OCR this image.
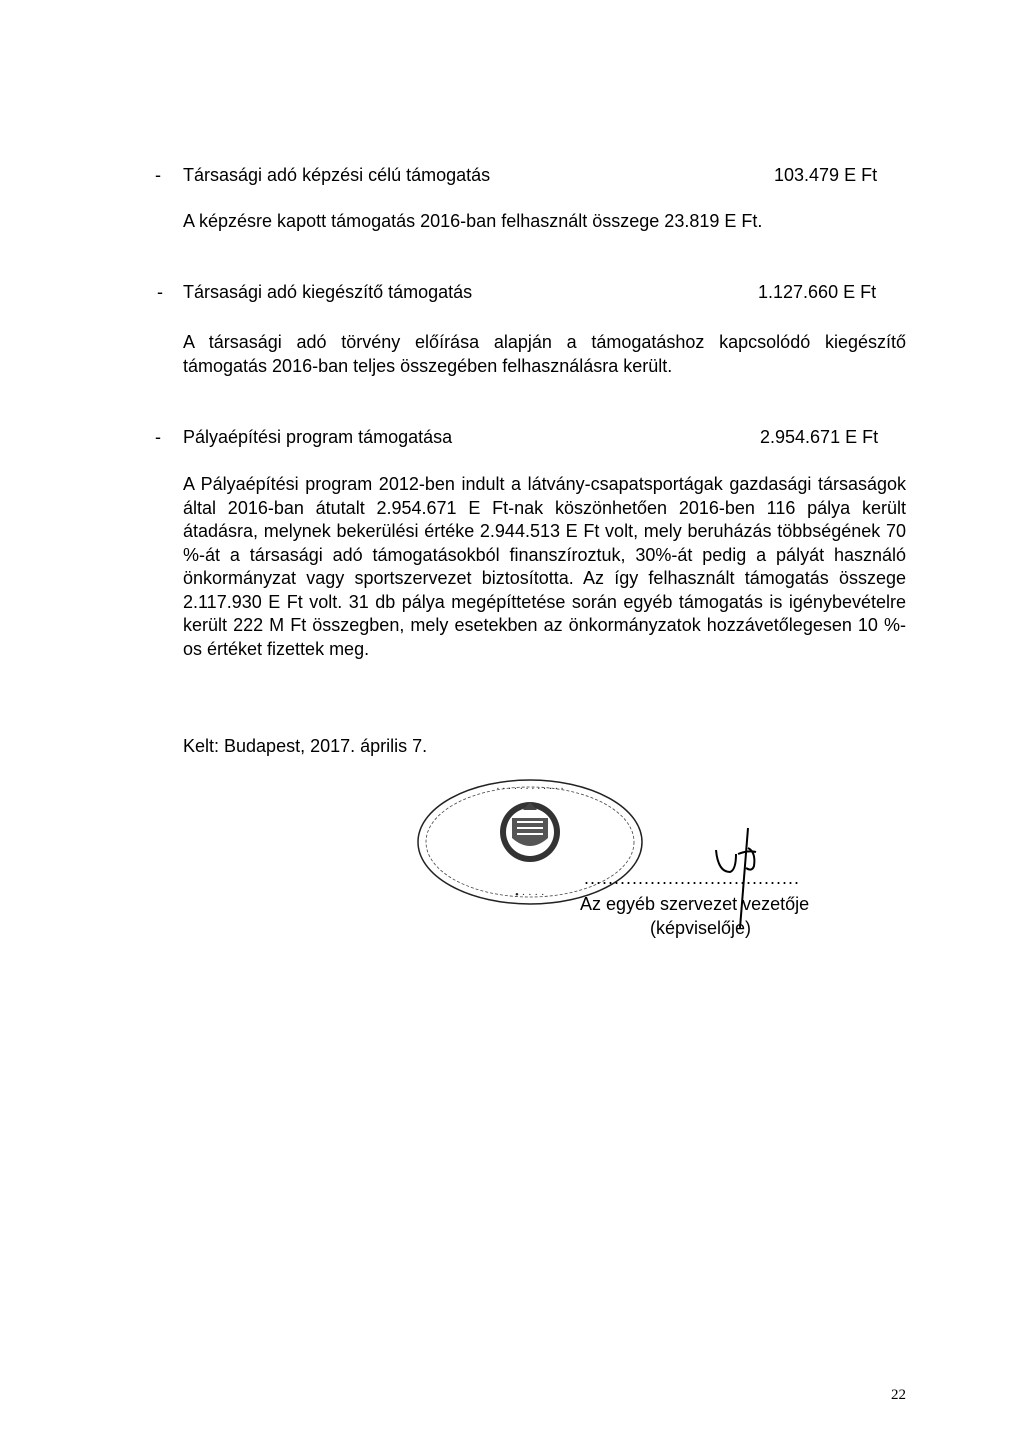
- Társasági adó képzési célú támogatás	103.479 E Ft
A képzésre kapott támogatás 2016-ban felhasznált összege 23.819 E Ft.
- Társasági adó kiegészítő támogatás	1.127.660 E Ft
A társasági adó törvény előírása alapján a támogatáshoz kapcsolódó kiegészítő támogatás 2016-ban teljes összegében felhasználásra került.
- Pályaépítési program támogatása	2.954.671 E Ft
A Pályaépítési program 2012-ben indult a látvány-csapatsportágak gazdasági társaságok által 2016-ban átutalt 2.954.671 E Ft-nak köszönhetően 2016-ben 116 pálya került átadásra, melynek bekerülési értéke 2.944.513 E Ft volt, mely beruházás többségének 70 %-át a társasági adó támogatásokból finanszíroztuk, 30%-át pedig a pályát használó önkormányzat vagy sportszervezet biztosította. Az így felhasznált támogatás összege 2.117.930 E Ft volt. 31 db pálya megépíttetése során egyéb támogatás is igénybevételre került 222 M Ft összegben, mely esetekben az önkormányzatok hozzávetőlegesen 10 %-os értéket fizettek meg.
Kelt: Budapest, 2017. április 7.
· · · · · · · · · · · ·
• · · · ·
....................................
Az egyéb szervezet vezetője
(képviselője)
22
